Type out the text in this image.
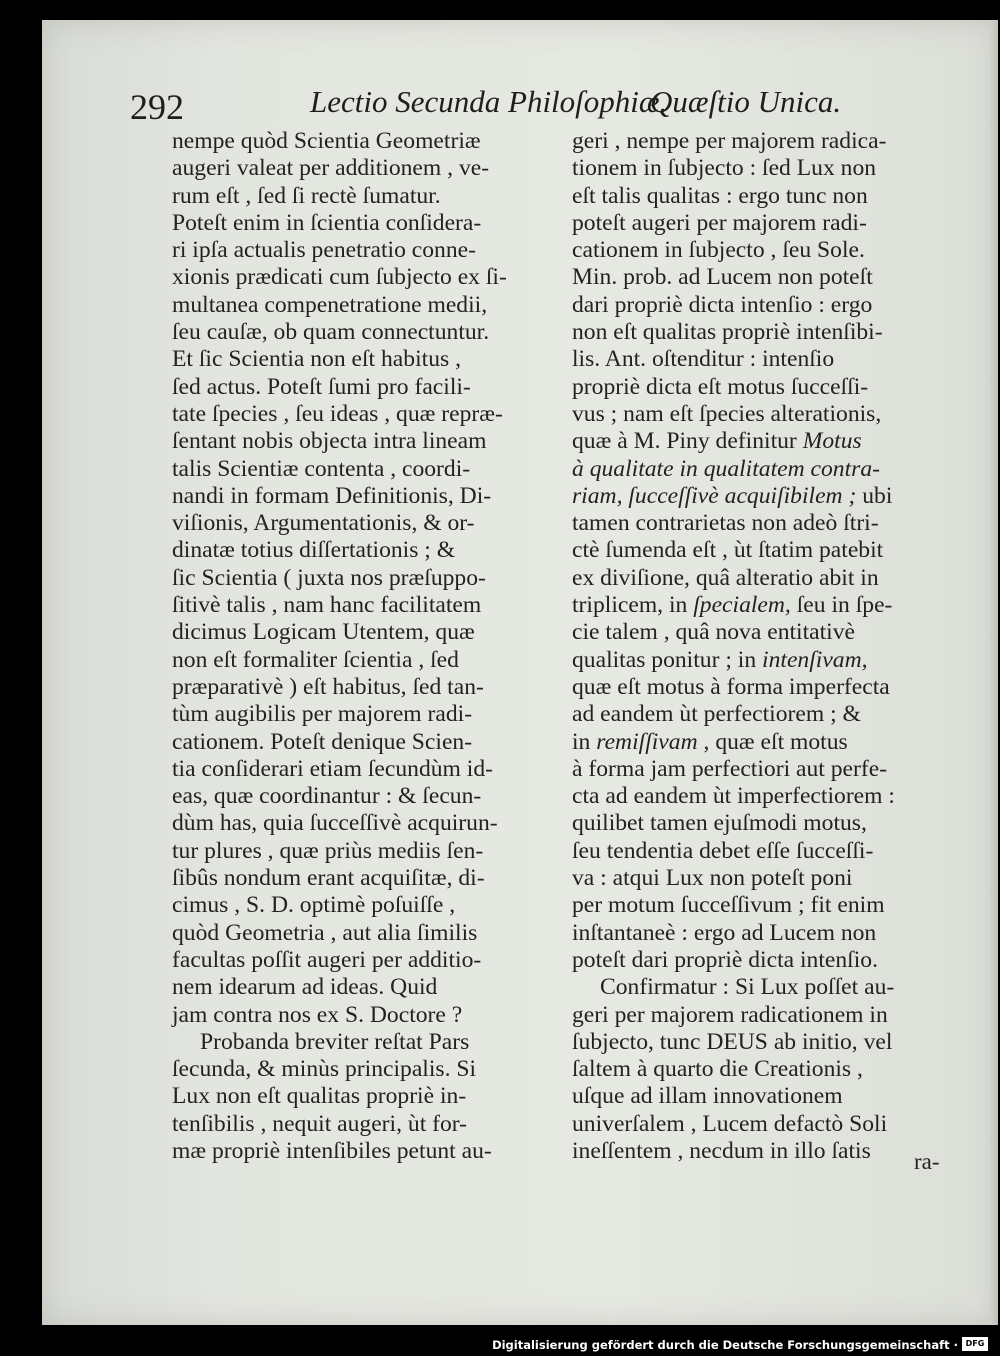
292	Lectio Secunda Philoſophiæ.
Quæſtio Unica.
nempe quòd Scientia Geometriæ
augeri valeat per additionem , ve-
rum eſt , ſed ſi rectè ſumatur.
Poteſt enim in ſcientia conſidera-
ri ipſa actualis penetratio connе-
xionis prædicati cum ſubjecto ex ſi-
multanea compenetratione medii,
ſeu cauſæ, ob quam connectuntur.
Et ſic Scientia non eſt habitus ,
ſed actus. Poteſt ſumi pro facili-
tate ſpecies , ſeu ideas , quæ repræ-
ſentant nobis objecta intra lineam
talis Scientiæ contenta , coordi-
nandi in formam Definitionis, Di-
viſionis, Argumentationis, & or-
dinatæ totius diſſertationis ; &
ſic Scientia ( juxta nos præſuppo-
ſitivè talis , nam hanc facilitatem
dicimus Logicam Utentem, quæ
non eſt formaliter ſcientia , ſed
præparativè ) eſt habitus, ſed tan-
tùm augibilis per majorem radi-
cationem. Poteſt denique Scien-
tia conſiderari etiam ſecundùm id-
eas, quæ coordinantur : & ſecun-
dùm has, quia ſucceſſivè acquirun-
tur plures , quæ priùs mediis ſen-
ſibûs nondum erant acquiſitæ, di-
cimus , S. D. optimè poſuiſſe ,
quòd Geometria , aut alia ſimilis
facultas poſſit augeri per additio-
nem idearum ad ideas. Quid
jam contra nos ex S. Doctore ?
Probanda breviter reſtat Pars
ſecunda, & minùs principalis. Si
Lux non eſt qualitas propriè in-
tenſibilis , nequit augeri, ùt for-
mæ propriè intenſibiles petunt au-
geri , nempe per majorem radica-
tionem in ſubjecto : ſed Lux non
eſt talis qualitas : ergo tunc non
poteſt augeri per majorem radi-
cationem in ſubjecto , ſeu Sole.
Min. prob. ad Lucem non poteſt
dari propriè dicta intenſio : ergo
non eſt qualitas propriè intenſibi-
lis. Ant. oſtenditur : intenſio
propriè dicta eſt motus ſucceſſi-
vus ; nam eſt ſpecies alterationis,
quæ à M. Piny definitur Motus
à qualitate in qualitatem contra-
riam, ſucceſſivè acquiſibilem ; ubi
tamen contrarietas non adeò ſtri-
ctè ſumenda eſt , ùt ſtatim patebit
ex diviſione, quâ alteratio abit in
triplicem, in ſpecialem, ſeu in ſpe-
cie talem , quâ nova entitativè
qualitas ponitur ; in intenſivam,
quæ eſt motus à forma imperfecta
ad eandem ùt perfectiorem ; &
in remiſſivam , quæ eſt motus
à forma jam perfectiori aut perfe-
cta ad eandem ùt imperfectiorem :
quilibet tamen ejuſmodi motus,
ſeu tendentia debet eſſe ſucceſſi-
va : atqui Lux non poteſt poni
per motum ſucceſſivum ; fit enim
inſtantaneè : ergo ad Lucem non
poteſt dari propriè dicta intenſio.
Confirmatur : Si Lux poſſet au-
geri per majorem radicationem in
ſubjecto, tunc DEUS ab initio, vel
ſaltem à quarto die Creationis ,
uſque ad illam innovationem
univerſalem , Lucem defactò Soli
ineſſentem , necdum in illo ſatis	ra-
Digitalisierung gefördert durch die Deutsche Forschungsgemeinschaft · DFG
